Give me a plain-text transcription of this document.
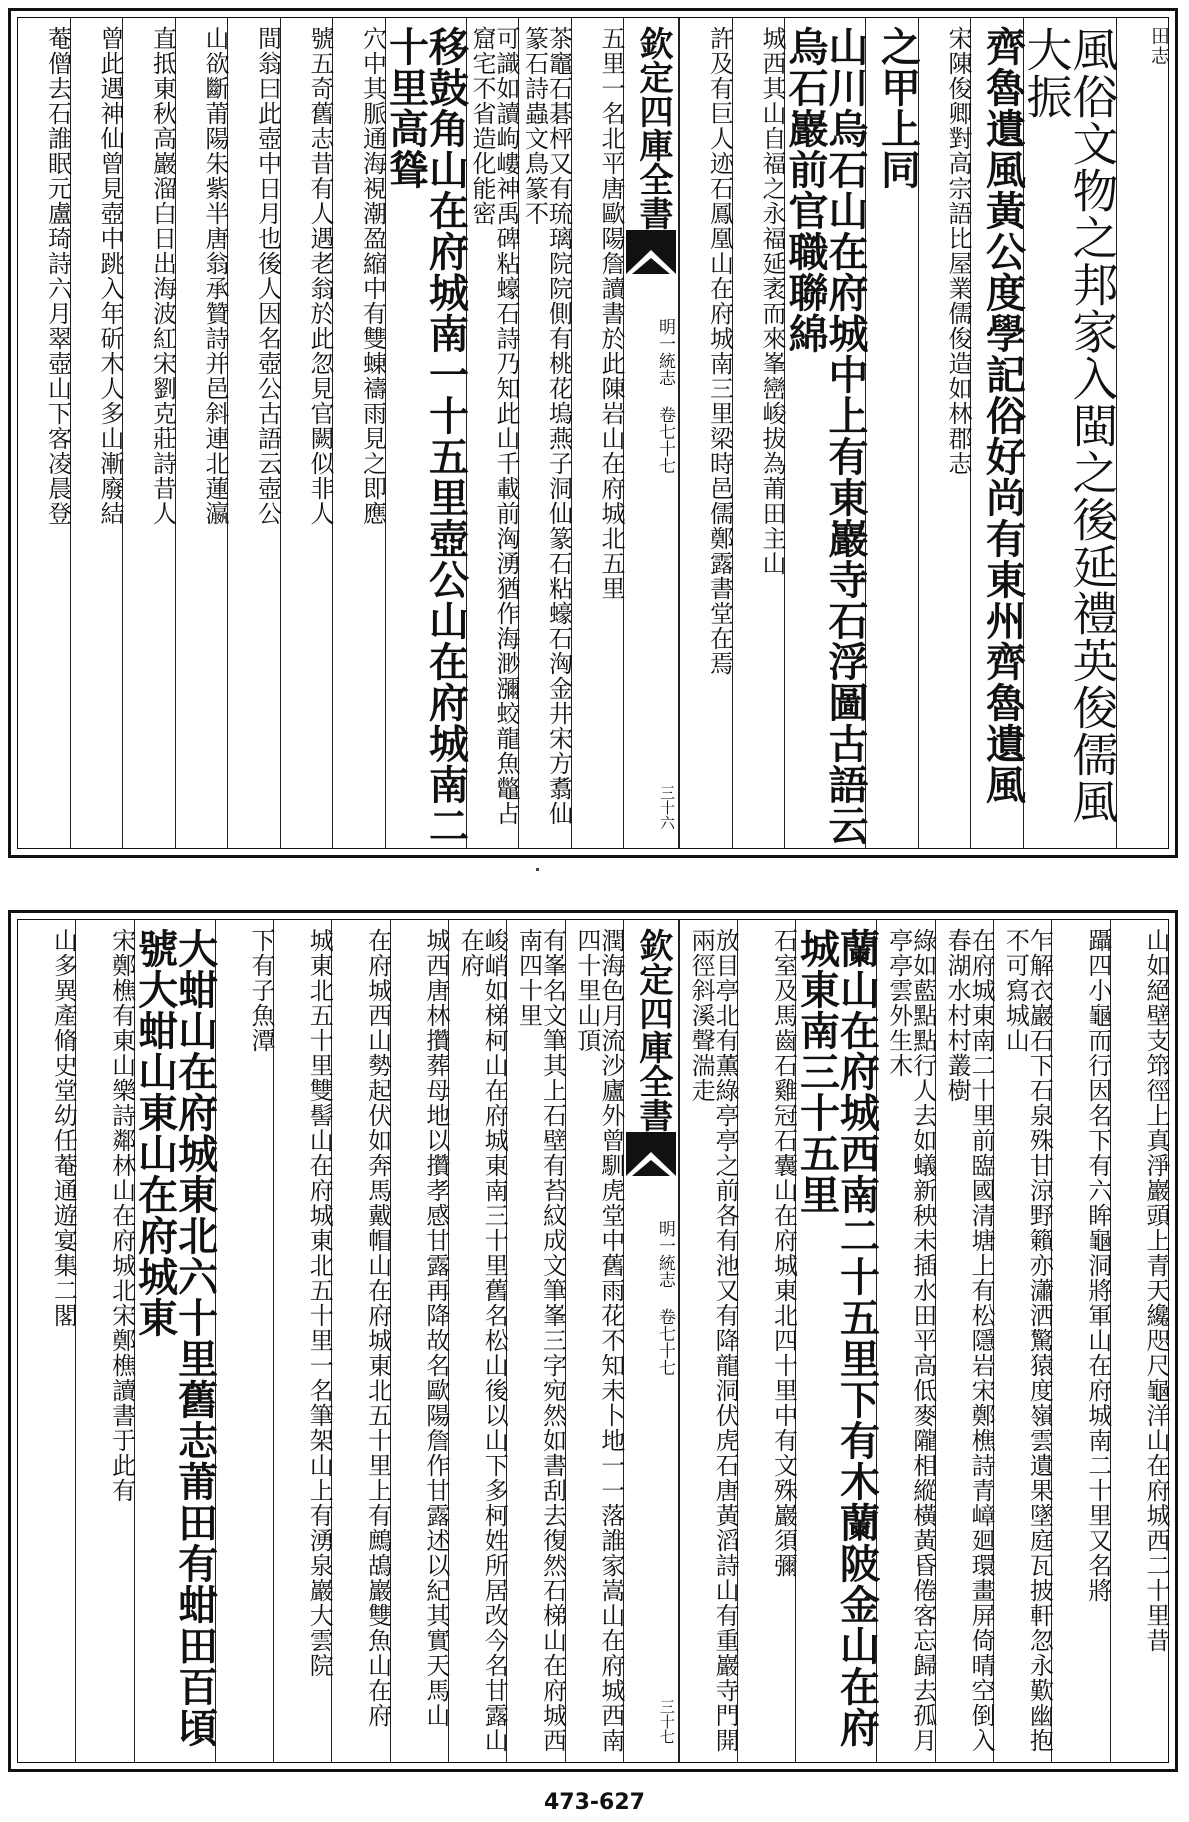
田志
風俗文物之邦家入閩之後延禮英俊儒風大振
齊魯遺風黃公度學記俗好尚有東州齊魯遺風
宋陳俊卿對高宗語比屋業儒俊造如林郡志
之甲上同
山川烏石山在府城中上有東巖寺石浮圖古語云烏石巖前官職聯綿
城西其山自福之永福延袤而來峯巒峻拔為莆田主山
許及有巨人迹石鳳凰山在府城南三里梁時邑儒鄭露書堂在焉
欽定四庫全書
明一統志 卷七十七
三十六
五里一名北平唐歐陽詹讀書於此陳岩山在府城北五里
茶竈石碁枰又有琉璃院院側有桃花塢燕子洞仙篆石粘蠔石洶金井宋方翥仙篆石詩蟲文鳥篆不
可識如讀岣嶁神禹碑粘蠔石詩乃知此山千載前洶湧猶作海渺瀰蛟龍魚鼈占窟宅不省造化能密
移鼓角山在府城南一十五里壺公山在府城南二十里高聳
穴中其脈通海視潮盈縮中有雙蝀禱雨見之即應
號五奇舊志昔有人遇老翁於此忽見官闕似非人
間翁曰此壺中日月也後人因名壺公古語云壺公
山欲斷莆陽朱紫半唐翁承贊詩并邑斜連北蓮瀛
直抵東秋高巖溜白日出海波紅宋劉克莊詩昔人
曾此遇神仙曾見壺中跳入年斫木人多山漸廢結
菴僧去石誰眠元盧琦詩六月翠壺山下客凌晨登
山如絕壁支筇徑上真淨巖頭上青天纔咫尺龜洋山在府城西二十里昔
躡四小龜而行因名下有六眸龜洞將軍山在府城南二十里又名將
乍解衣巖石下石泉殊甘涼野籟亦瀟洒驚猿度嶺雲遺果墜庭瓦披軒忽永歎幽抱不可寫城山
在府城東南二十里前臨國清塘上有松隱岩宋鄭樵詩青嶂廻環畫屏倚晴空倒入春湖水村村叢樹
綠如藍點點行人去如蟻新秧未插水田平高低麥隴相縱橫黃昏倦客忘歸去孤月亭亭雲外生木
蘭山在府城西南二十五里下有木蘭陂金山在府城東南三十五里
石室及馬齒石雞冠石囊山在府城東北四十里中有文殊巖須彌
放目亭北有薫綠亭亭之前各有池又有降龍洞伏虎石唐黃滔詩山有重巖寺門開兩徑斜溪聲湍走
欽定四庫全書
明一統志 卷七十七
三十七
潤海色月流沙廬外曾馴虎堂中舊雨花不知未卜地一一落誰家嵩山在府城西南四十里山頂
有峯名文筆其上石壁有苔紋成文筆峯三字宛然如書刮去復然石梯山在府城西南四十里
峻峭如梯柯山在府城東南三十里舊名松山後以山下多柯姓所居改今名甘露山在府
城西唐林攢葬母地以攢孝感甘露再降故名歐陽詹作甘露述以紀其實天馬山
在府城西山勢起伏如奔馬戴帽山在府城東北五十里上有鷓鴣巖雙魚山在府
城東北五十里雙髻山在府城東北五十里一名筆架山上有湧泉巖大雲院
下有子魚潭
大蚶山在府城東北六十里舊志莆田有蚶田百頃號大蚶山東山在府城東
宋鄭樵有東山樂詩鄰林山在府城北宋鄭樵讀書于此有
山多異產脩史堂幼任菴通遊宴集二閣
473-627
